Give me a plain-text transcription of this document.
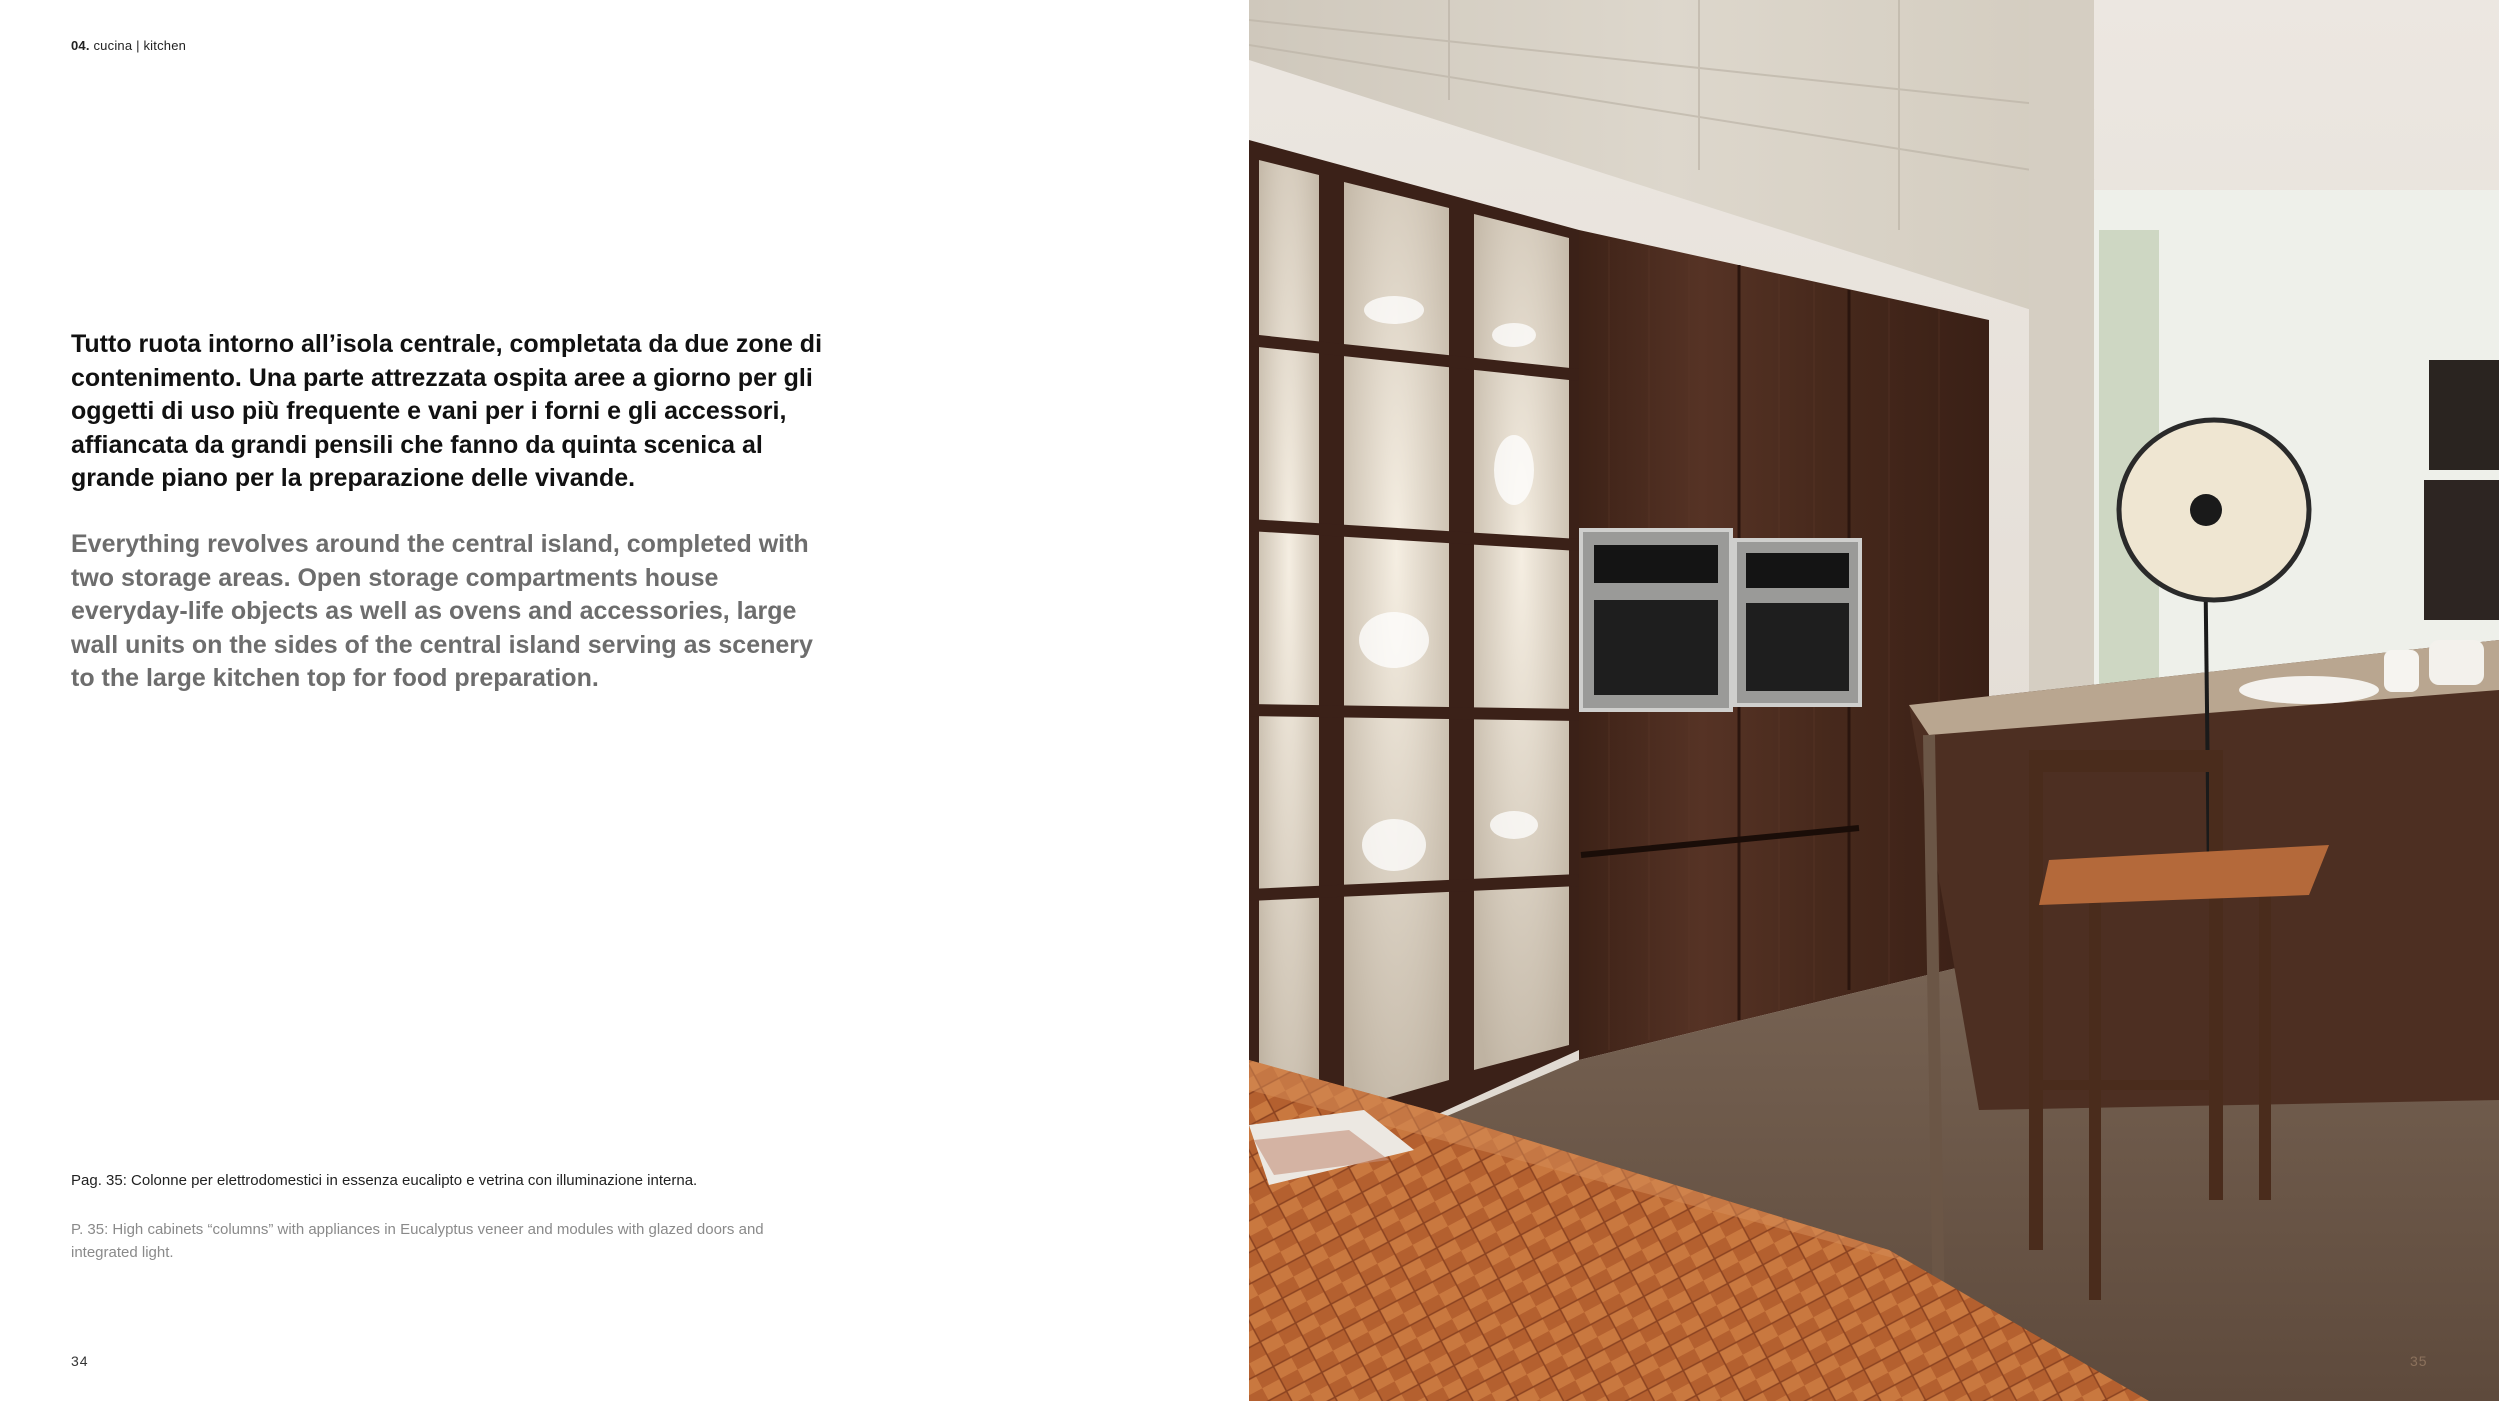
04. cucina | kitchen
Tutto ruota intorno all’isola centrale, completata da due zone di contenimento. Una parte attrezzata ospita aree a giorno per gli oggetti di uso più frequente e vani per i forni e gli accessori, affiancata da grandi pensili che fanno da quinta scenica al grande piano per la preparazione delle vivande.
Everything revolves around the central island, completed with two storage areas. Open storage compartments house everyday-life objects as well as ovens and accessories, large wall units on the sides of the central island serving as scenery to the large kitchen top for food preparation.
Pag. 35: Colonne per elettrodomestici in essenza eucalipto e vetrina con illuminazione interna.
P. 35: High cabinets “columns” with appliances in Eucalyptus veneer and modules with glazed doors and integrated light.
34	35
